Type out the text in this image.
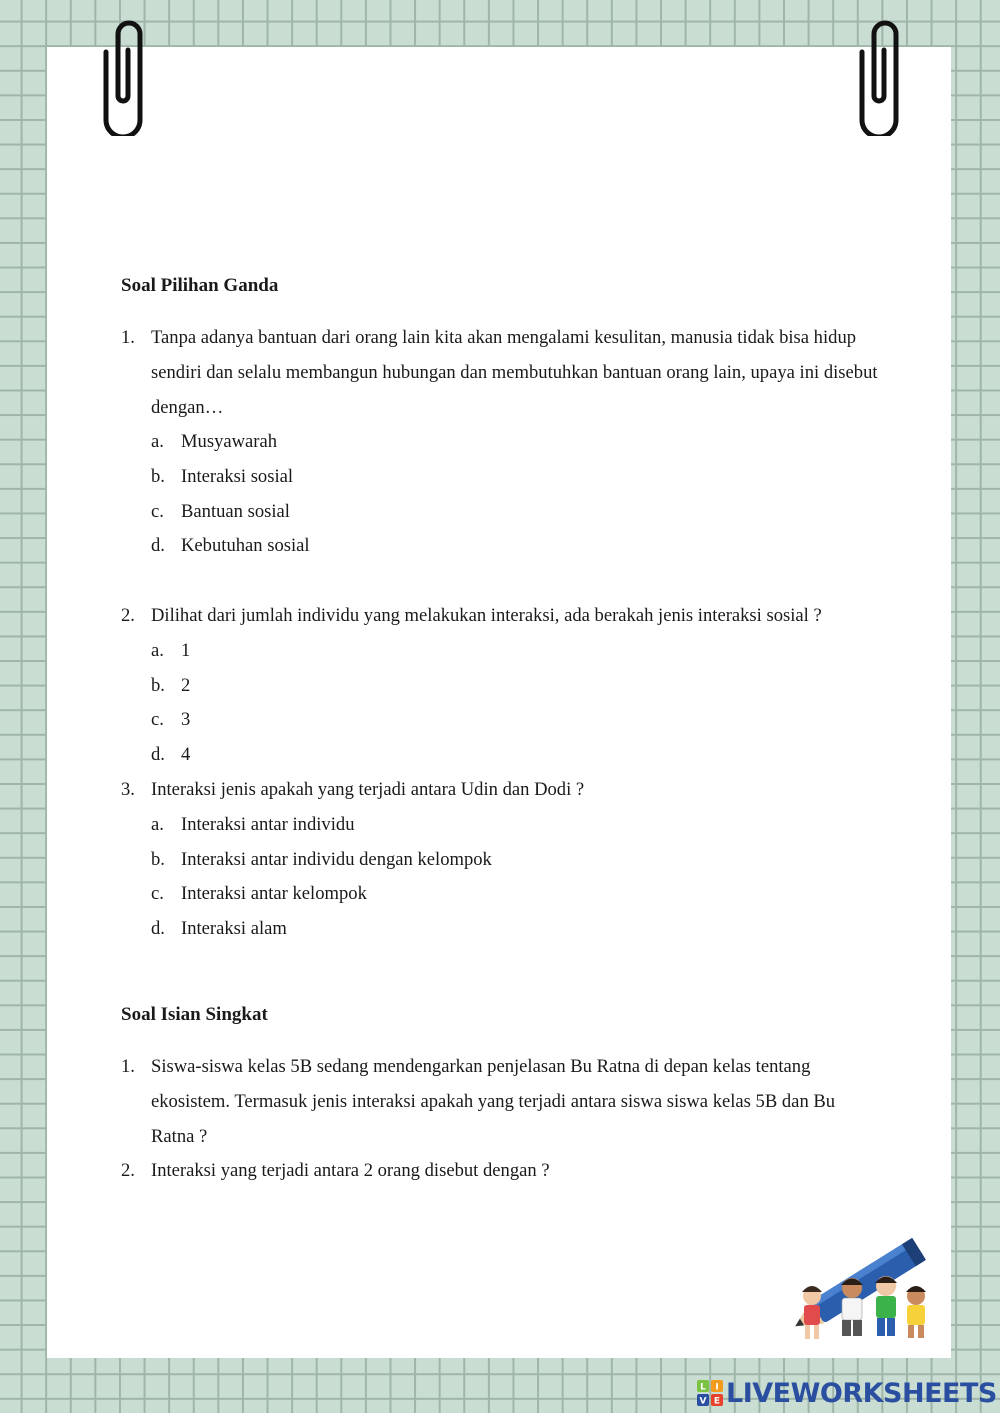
Soal Pilihan Ganda
1. Tanpa adanya bantuan dari orang lain kita akan mengalami kesulitan, manusia tidak bisa hidup sendiri dan selalu membangun hubungan dan membutuhkan bantuan orang lain, upaya ini disebut dengan…
a. Musyawarah
b. Interaksi sosial
c. Bantuan sosial
d. Kebutuhan sosial
2. Dilihat dari jumlah individu yang melakukan interaksi, ada berakah jenis interaksi sosial ?
a. 1
b. 2
c. 3
d. 4
3. Interaksi jenis apakah yang terjadi antara Udin dan Dodi ?
a. Interaksi antar individu
b. Interaksi antar individu dengan kelompok
c. Interaksi antar kelompok
d. Interaksi alam
Soal Isian Singkat
1. Siswa-siswa kelas 5B sedang mendengarkan penjelasan Bu Ratna di depan kelas tentang ekosistem. Termasuk jenis interaksi apakah yang terjadi antara siswa siswa kelas 5B dan Bu Ratna ?
2. Interaksi yang terjadi antara 2 orang disebut dengan ?
L I
V E LIVEWORKSHEETS
